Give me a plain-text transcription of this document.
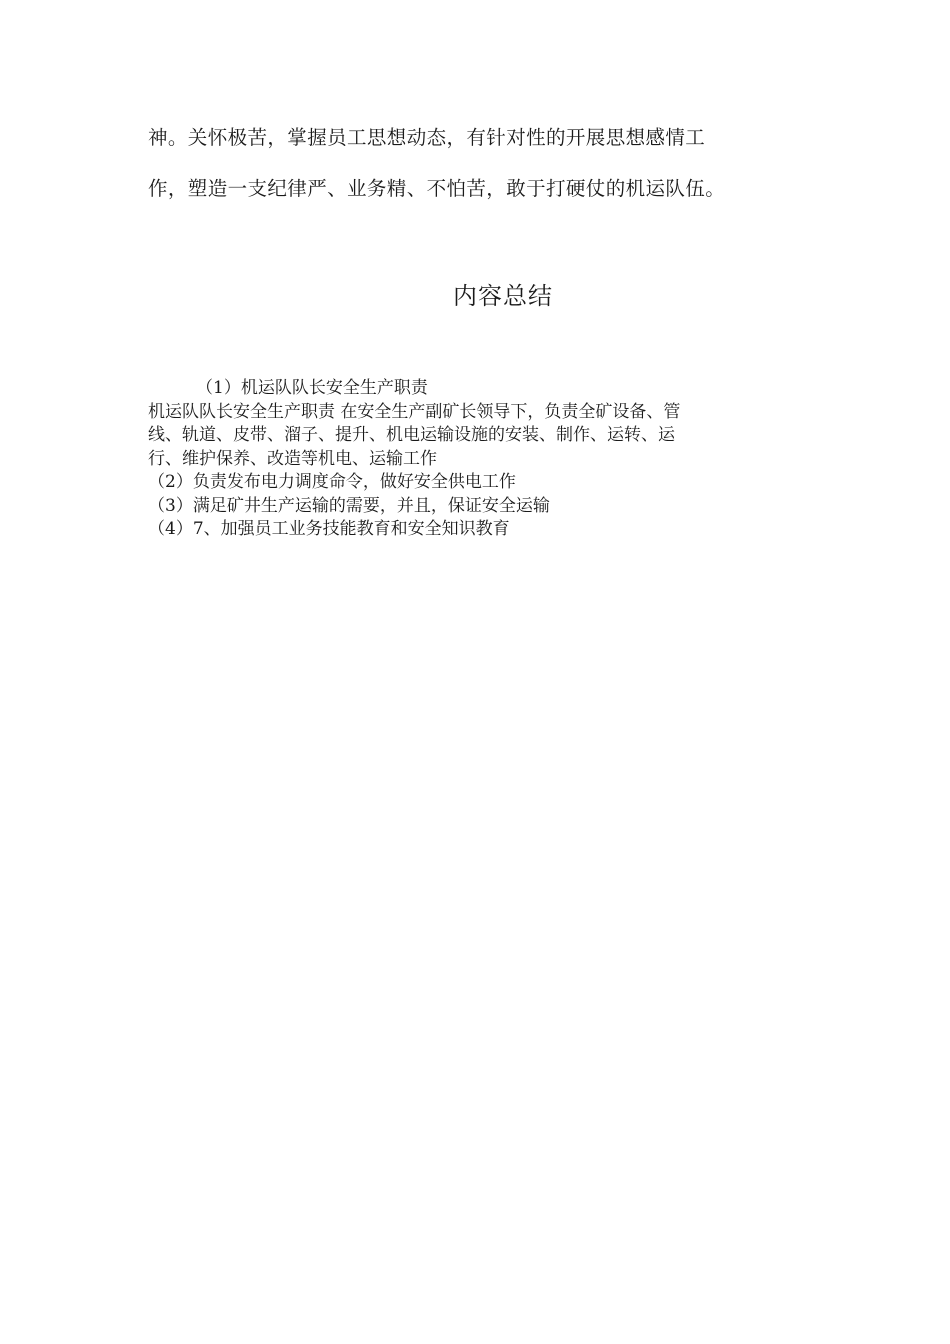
神。关怀极苦，掌握员工思想动态，有针对性的开展思想感情工
作，塑造一支纪律严、业务精、不怕苦，敢于打硬仗的机运队伍。
内容总结
（1）机运队队长安全生产职责
机运队队长安全生产职责 在安全生产副矿长领导下，负责全矿设备、管
线、轨道、皮带、溜子、提升、机电运输设施的安装、制作、运转、运
行、维护保养、改造等机电、运输工作
（2）负责发布电力调度命令，做好安全供电工作
（3）满足矿井生产运输的需要，并且，保证安全运输
（4）7、加强员工业务技能教育和安全知识教育
